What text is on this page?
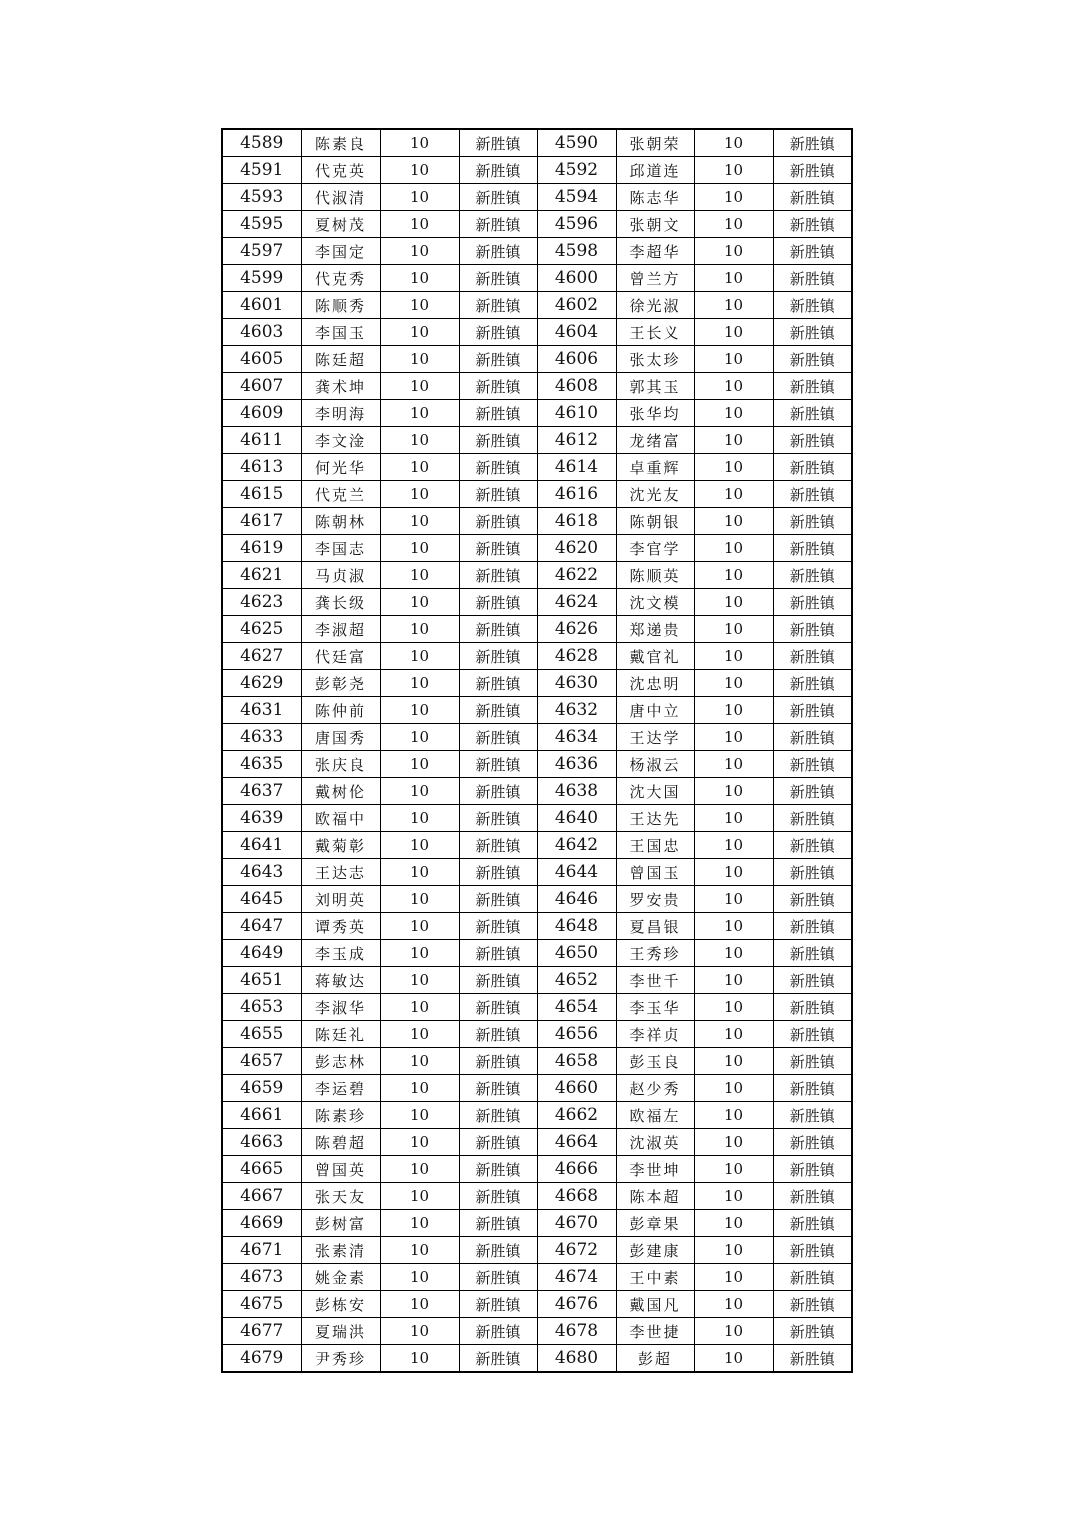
4589	陈素良	10	新胜镇	4590	张朝荣	10	新胜镇
4591	代克英	10	新胜镇	4592	邱道连	10	新胜镇
4593	代淑清	10	新胜镇	4594	陈志华	10	新胜镇
4595	夏树茂	10	新胜镇	4596	张朝文	10	新胜镇
4597	李国定	10	新胜镇	4598	李超华	10	新胜镇
4599	代克秀	10	新胜镇	4600	曾兰方	10	新胜镇
4601	陈顺秀	10	新胜镇	4602	徐光淑	10	新胜镇
4603	李国玉	10	新胜镇	4604	王长义	10	新胜镇
4605	陈廷超	10	新胜镇	4606	张太珍	10	新胜镇
4607	龚术坤	10	新胜镇	4608	郭其玉	10	新胜镇
4609	李明海	10	新胜镇	4610	张华均	10	新胜镇
4611	李文淦	10	新胜镇	4612	龙绪富	10	新胜镇
4613	何光华	10	新胜镇	4614	卓重辉	10	新胜镇
4615	代克兰	10	新胜镇	4616	沈光友	10	新胜镇
4617	陈朝林	10	新胜镇	4618	陈朝银	10	新胜镇
4619	李国志	10	新胜镇	4620	李官学	10	新胜镇
4621	马贞淑	10	新胜镇	4622	陈顺英	10	新胜镇
4623	龚长级	10	新胜镇	4624	沈文模	10	新胜镇
4625	李淑超	10	新胜镇	4626	郑递贵	10	新胜镇
4627	代廷富	10	新胜镇	4628	戴官礼	10	新胜镇
4629	彭彰尧	10	新胜镇	4630	沈忠明	10	新胜镇
4631	陈仲前	10	新胜镇	4632	唐中立	10	新胜镇
4633	唐国秀	10	新胜镇	4634	王达学	10	新胜镇
4635	张庆良	10	新胜镇	4636	杨淑云	10	新胜镇
4637	戴树伦	10	新胜镇	4638	沈大国	10	新胜镇
4639	欧福中	10	新胜镇	4640	王达先	10	新胜镇
4641	戴菊彰	10	新胜镇	4642	王国忠	10	新胜镇
4643	王达志	10	新胜镇	4644	曾国玉	10	新胜镇
4645	刘明英	10	新胜镇	4646	罗安贵	10	新胜镇
4647	谭秀英	10	新胜镇	4648	夏昌银	10	新胜镇
4649	李玉成	10	新胜镇	4650	王秀珍	10	新胜镇
4651	蒋敏达	10	新胜镇	4652	李世千	10	新胜镇
4653	李淑华	10	新胜镇	4654	李玉华	10	新胜镇
4655	陈廷礼	10	新胜镇	4656	李祥贞	10	新胜镇
4657	彭志林	10	新胜镇	4658	彭玉良	10	新胜镇
4659	李运碧	10	新胜镇	4660	赵少秀	10	新胜镇
4661	陈素珍	10	新胜镇	4662	欧福左	10	新胜镇
4663	陈碧超	10	新胜镇	4664	沈淑英	10	新胜镇
4665	曾国英	10	新胜镇	4666	李世坤	10	新胜镇
4667	张天友	10	新胜镇	4668	陈本超	10	新胜镇
4669	彭树富	10	新胜镇	4670	彭章果	10	新胜镇
4671	张素清	10	新胜镇	4672	彭建康	10	新胜镇
4673	姚金素	10	新胜镇	4674	王中素	10	新胜镇
4675	彭栋安	10	新胜镇	4676	戴国凡	10	新胜镇
4677	夏瑞洪	10	新胜镇	4678	李世捷	10	新胜镇
4679	尹秀珍	10	新胜镇	4680	彭超	10	新胜镇
